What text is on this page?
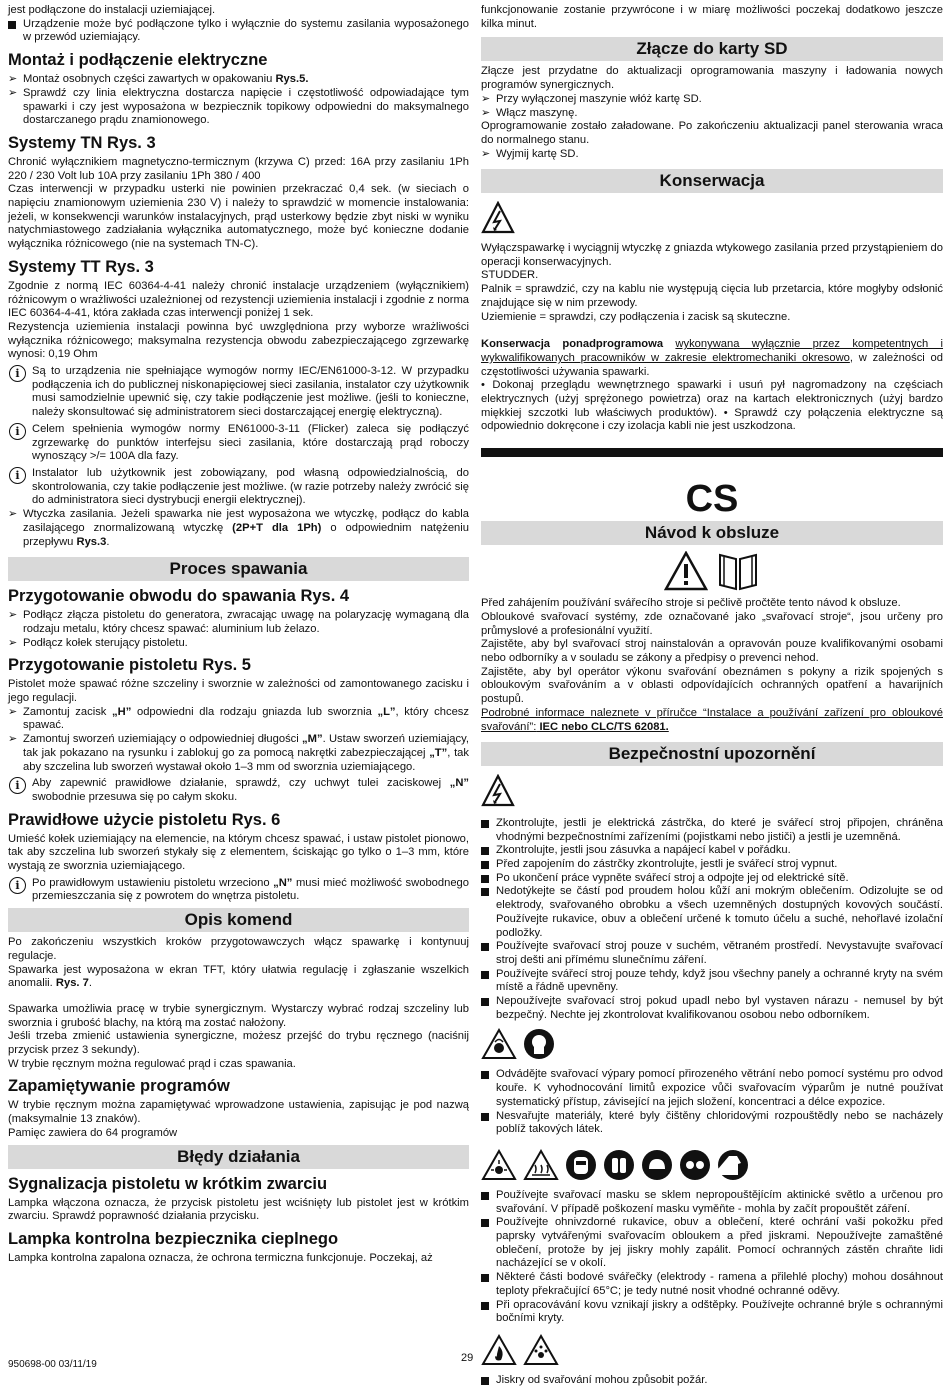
jest podłączone do instalacji uziemiającej.

Urządzenie może być podłączone tylko i wyłącznie do systemu zasilania wyposażonego w przewód uziemiający.
Montaż i podłączenie elektryczne
➢ Montaż osobnych części zawartych w opakowaniu Rys.5.
➢ Sprawdź czy linia elektryczna dostarcza napięcie i częstotliwość odpowiadające tym spawarki i czy jest wyposażona w bezpiecznik topikowy odpowiedni do maksymalnego dostarczanego prądu znamionowego.
Systemy TN Rys. 3

Chronić wyłącznikiem magnetyczno-termicznym (krzywa C) przed: 16A przy zasilaniu 1Ph 220 / 230 Volt lub 10A przy zasilaniu 1Ph 380 / 400

Czas interwencji w przypadku usterki nie powinien przekraczać 0,4 sek. (w sieciach o napięciu znamionowym uziemienia 230 V) i należy to sprawdzić w momencie instalowania: jeżeli, w konsekwencji warunków instalacyjnych, prąd usterkowy będzie zbyt niski w wyniku natychmiastowego zadziałania wyłącznika automatycznego, może być konieczne dodanie wyłącznika różnicowego (nie na systemach TN-C).

Systemy TT Rys. 3

Zgodnie z normą IEC 60364-4-41 należy chronić instalacje urządzeniem (wyłącznikiem) różnicowym o wrażliwości uzależnionej od rezystencji uziemienia instalacji i zgodnie z norma IEC 60364-4-41, która zakłada czas interwencji poniżej 1 sek.

Rezystencja uziemienia instalacji powinna być uwzględniona przy wyborze wrażliwości wyłącznika różnicowego; maksymalna rezystencja obwodu zabezpieczającego zgrzewarkę wynosi: 0,19 Ohm

i	Są to urządzenia nie spełniające wymogów normy IEC/EN61000-3-12. W przypadku podłączenia ich do publicznej niskonapięciowej sieci zasilania, instalator czy użytkownik musi samodzielnie upewnić się, czy takie podłączenie jest możliwe. (jeśli to konieczne, należy skonsultować się administratorem sieci dostarczającej energię elektryczną).
i	Celem spełnienia wymogów normy EN61000-3-11 (Flicker) zaleca się podłączyć zgrzewarkę do punktów interfejsu sieci zasilania, które dostarczają prąd roboczy wynoszący >/= 100A dla fazy.
i	Instalator lub użytkownik jest zobowiązany, pod własną odpowiedzialnością, do skontrolowania, czy takie podłączenie jest możliwe. (w razie potrzeby należy zwrócić się do administratora sieci dystrybucji energii elektrycznej).
➢ Wtyczka zasilania. Jeżeli spawarka nie jest wyposażona we wtyczkę, podłącz do kabla zasilającego znormalizowaną wtyczkę (2P+T dla 1Ph) o odpowiednim natężeniu przepływu Rys.3.
Proces spawania
Przygotowanie obwodu do spawania Rys. 4
➢ Podłącz złącza pistoletu do generatora, zwracając uwagę na polaryzację wymaganą dla rodzaju metalu, który chcesz spawać: aluminium lub żelazo.
➢ Podłącz kołek sterujący pistoletu.
Przygotowanie pistoletu Rys. 5

Pistolet może spawać różne szczeliny i sworznie w zależności od zamontowanego zacisku i jego regulacji.

➢ Zamontuj zacisk „H” odpowiedni dla rodzaju gniazda lub sworznia „L”, który chcesz spawać.
➢ Zamontuj sworzeń uziemiający o odpowiedniej długości „M”. Ustaw sworzeń uziemiający, tak jak pokazano na rysunku i zablokuj go za pomocą nakrętki zabezpieczającej „T”, tak aby szczelina lub sworzeń wystawał około 1–3 mm od sworznia uziemiającego.
i	Aby zapewnić prawidłowe działanie, sprawdź, czy uchwyt tulei zaciskowej „N” swobodnie przesuwa się po całym skoku.
Prawidłowe użycie pistoletu Rys. 6

Umieść kołek uziemiający na elemencie, na którym chcesz spawać, i ustaw pistolet pionowo, tak aby szczelina lub sworzeń stykały się z elementem, ściskając go tylko o 1–3 mm, które wystają ze sworznia uziemiającego.

i	Po prawidłowym ustawieniu pistoletu wrzeciono „N” musi mieć możliwość swobodnego przemieszczania się z powrotem do wnętrza pistoletu.
Opis komend

Po zakończeniu wszystkich kroków przygotowawczych włącz spawarkę i kontynuuj regulacje.

Spawarka jest wyposażona w ekran TFT, który ułatwia regulację i zgłaszanie wszelkich anomalii. Rys. 7.

Spawarka umożliwia pracę w trybie synergicznym. Wystarczy wybrać rodzaj szczeliny lub sworznia i grubość blachy, na którą ma zostać nałożony.

Jeśli trzeba zmienić ustawienia synergiczne, możesz przejść do trybu ręcznego (naciśnij przycisk przez 3 sekundy).

W trybie ręcznym można regulować prąd i czas spawania.

Zapamiętywanie programów

W trybie ręcznym można zapamiętywać wprowadzone ustawienia, zapisując je pod nazwą (maksymalnie 13 znaków).

Pamięc zawiera do 64 programów

Błędy działania
Sygnalizacja pistoletu w krótkim zwarciu

Lampka włączona oznacza, że przycisk pistoletu jest wciśnięty lub pistolet jest w krótkim zwarciu. Sprawdź poprawność działania przycisku.

Lampka kontrolna bezpiecznika cieplnego

Lampka kontrolna zapalona oznacza, że ochrona termiczna funkcjonuje. Poczekaj, aż

funkcjonowanie zostanie przywrócone i w miarę możliwości poczekaj dodatkowo jeszcze kilka minut.

Złącze do karty SD

Złącze jest przydatne do aktualizacji oprogramowania maszyny i ładowania nowych programów synergicznych.

➢ Przy wyłączonej maszynie włóż kartę SD.
➢ Włącz maszynę.

Oprogramowanie zostało załadowane. Po zakończeniu aktualizacji panel sterowania wraca do normalnego stanu.

➢ Wyjmij kartę SD.
Konserwacja

Wyłączspawarkę i wyciągnij wtyczkę z gniazda wtykowego zasilania przed przystąpieniem do operacji konserwacyjnych.

STUDDER.

Palnik = sprawdzić, czy na kablu nie występują cięcia lub przetarcia, które mogłyby odsłonić znajdujące się w nim przewody.

Uziemienie = sprawdzi, czy podłączenia i zacisk są skuteczne.

Konserwacja ponadprogramowa wykonywana wyłącznie przez kompetentnych i wykwalifikowanych pracowników w zakresie elektromechaniki okresowo, w zależności od częstotliwości używania spawarki.

• Dokonaj przeglądu wewnętrznego spawarki i usuń pył nagromadzony na częściach elektrycznych (użyj sprężonego powietrza) oraz na kartach elektronicznych (użyj bardzo miękkiej szczotki lub właściwych produktów). • Sprawdź czy połączenia elektryczne są odpowiednio dokręcone i czy izolacja kabli nie jest uszkodzona.

CS
Návod k obsluze

Před zahájením používání svářecího stroje si pečlivě pročtěte tento návod k obsluze.

Obloukové svařovací systémy, zde označované jako „svařovací stroje“, jsou určeny pro průmyslové a profesionální využití.

Zajistěte, aby byl svařovací stroj nainstalován a opravován pouze kvalifikovanými osobami nebo odborníky a v souladu se zákony a předpisy o prevenci nehod.

Zajistěte, aby byl operátor výkonu svařování obeznámen s pokyny a rizik spojených s obloukovým svařováním a v oblasti odpovídajících ochranných opatření a havarijních postupů.

Podrobné informace naleznete v příručce “Instalace a používání zařízení pro obloukové svařování”: IEC nebo CLC/TS 62081.

Bezpečnostní upozornění
Zkontrolujte, jestli je elektrická zástrčka, do které je svářecí stroj připojen, chráněna vhodnými bezpečnostními zařízeními (pojistkami nebo jističi) a jestli je uzemněná.
Zkontrolujte, jestli jsou zásuvka a napájecí kabel v pořádku.
Před zapojením do zástrčky zkontrolujte, jestli je svářecí stroj vypnut.
Po ukončení práce vypněte svářecí stroj a odpojte jej od elektrické sítě.
Nedotýkejte se částí pod proudem holou kůží ani mokrým oblečením. Odizolujte se od elektrody, svařovaného obrobku a všech uzemněných dostupných kovových součástí. Používejte rukavice, obuv a oblečení určené k tomuto účelu a suché, nehořlavé izolační podložky.
Používejte svařovací stroj pouze v suchém, větraném prostředí. Nevystavujte svařovací stroj dešti ani přímému slunečnímu záření.
Používejte svářecí stroj pouze tehdy, když jsou všechny panely a ochranné kryty na svém místě a řádně upevněny.
Nepoužívejte svařovací stroj pokud upadl nebo byl vystaven nárazu - nemusel by být bezpečný. Nechte jej zkontrolovat kvalifikovanou osobou nebo odborníkem.
Odvádějte svařovací výpary pomocí přirozeného větrání nebo pomocí systému pro odvod kouře. K vyhodnocování limitů expozice vůči svařovacím výparům je nutné používat systematický přístup, závisející na jejich složení, koncentraci a délce expozice.
Nesvařujte materiály, které byly čištěny chloridovými rozpouštědly nebo se nacházely poblíž takových látek.
Používejte svařovací masku se sklem nepropouštějícím aktinické světlo a určenou pro svařování. V případě poškození masku vyměňte - mohla by začít propouštět záření.
Používejte ohnivzdorné rukavice, obuv a oblečení, které ochrání vaši pokožku před paprsky vytvářenými svařovacím obloukem a před jiskrami. Nepoužívejte zamaštěné oblečení, protože by jej jiskry mohly zapálit. Pomocí ochranných zástěn chraňte lidi nacházející se v okolí.
Některé části bodové svářečky (elektrody - ramena a přilehlé plochy) mohou dosáhnout teploty překračující 65°C; je tedy nutné nosit vhodné ochranné oděvy.
Při opracovávání kovu vznikají jiskry a odštěpky. Používejte ochranné brýle s ochrannými bočními kryty.
Jiskry od svařování mohou způsobit požár.
950698-00 03/11/19
29
